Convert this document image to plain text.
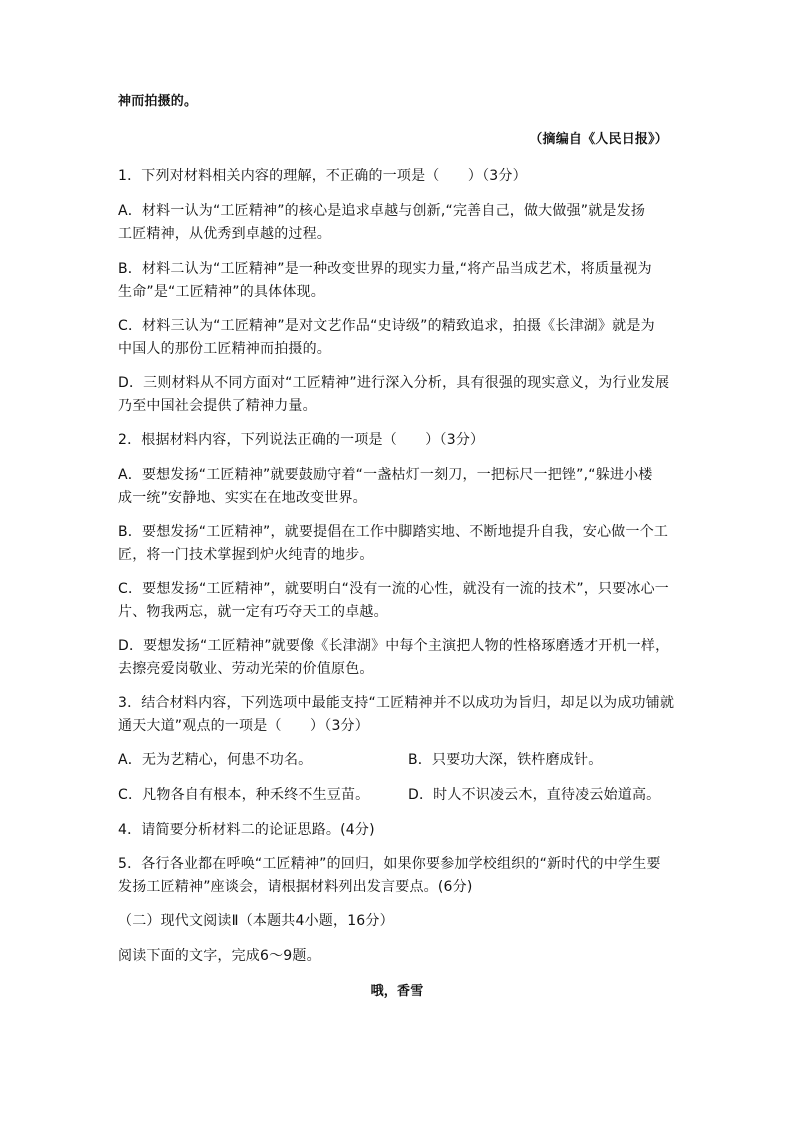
神而拍摄的。
（摘编自《人民日报》）
1．下列对材料相关内容的理解，不正确的一项是（　　）（3分）
A．材料一认为“工匠精神”的核心是追求卓越与创新,“完善自己，做大做强”就是发扬
工匠精神，从优秀到卓越的过程。
B．材料二认为“工匠精神”是一种改变世界的现实力量,“将产品当成艺术，将质量视为
生命”是“工匠精神”的具体体现。
C．材料三认为“工匠精神”是对文艺作品“史诗级”的精致追求，拍摄《长津湖》就是为
中国人的那份工匠精神而拍摄的。
D．三则材料从不同方面对“工匠精神”进行深入分析，具有很强的现实意义，为行业发展
乃至中国社会提供了精神力量。
2．根据材料内容，下列说法正确的一项是（　　）（3分）
A．要想发扬“工匠精神”就要鼓励守着“一盏枯灯一刻刀，一把标尺一把锉”,“躲进小楼
成一统”安静地、实实在在地改变世界。
B．要想发扬“工匠精神”，就要提倡在工作中脚踏实地、不断地提升自我，安心做一个工
匠，将一门技术掌握到炉火纯青的地步。
C．要想发扬“工匠精神”，就要明白“没有一流的心性，就没有一流的技术”，只要冰心一
片、物我两忘，就一定有巧夺天工的卓越。
D．要想发扬“工匠精神”就要像《长津湖》中每个主演把人物的性格琢磨透才开机一样，
去擦亮爱岗敬业、劳动光荣的价值原色。
3．结合材料内容，下列选项中最能支持“工匠精神并不以成功为旨归，却足以为成功铺就
通天大道”观点的一项是（　　）（3分）
A．无为艺精心，何患不功名。	B．只要功大深，铁杵磨成针。
C．凡物各自有根本，种禾终不生豆苗。	D．时人不识凌云木，直待凌云始道高。
4．请简要分析材料二的论证思路。(4分)
5．各行各业都在呼唤“工匠精神”的回归，如果你要参加学校组织的“新时代的中学生要
发扬工匠精神”座谈会，请根据材料列出发言要点。(6分)
（二）现代文阅读Ⅱ（本题共4小题，16分）
阅读下面的文字，完成6～9题。
哦，香雪
